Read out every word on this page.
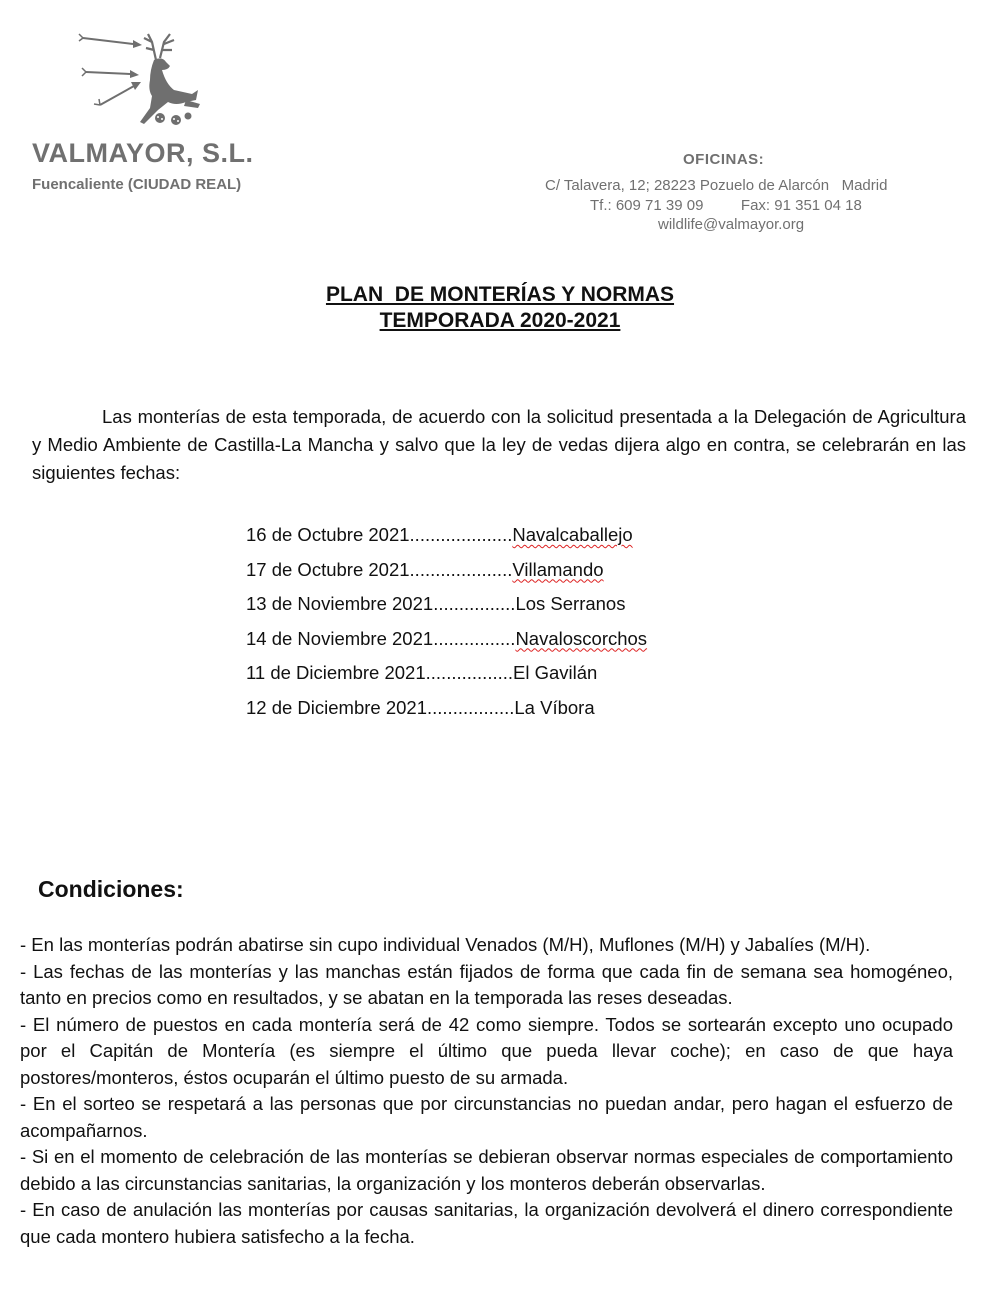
VALMAYOR, S.L.
Fuencaliente (CIUDAD REAL)
OFICINAS:
C/ Talavera, 12; 28223 Pozuelo de Alarcón   Madrid
Tf.: 609 71 39 09         Fax: 91 351 04 18
wildlife@valmayor.org
PLAN  DE MONTERÍAS Y NORMAS
TEMPORADA 2020-2021

Las monterías de esta temporada, de acuerdo con la solicitud presentada a la Delegación de Agricultura y Medio Ambiente de Castilla-La Mancha y salvo que la ley de vedas dijera algo en contra, se celebrarán en las siguientes fechas:

16 de Octubre 2021....................Navalcaballejo
17 de Octubre 2021....................Villamando
13 de Noviembre 2021................Los Serranos
14 de Noviembre 2021................Navaloscorchos
11 de Diciembre 2021.................El Gavilán
12 de Diciembre 2021.................La Víbora
Condiciones:

- En las monterías podrán abatirse sin cupo individual Venados (M/H), Muflones (M/H) y Jabalíes (M/H).

- Las fechas de las monterías y las manchas están fijados de forma que cada fin de semana sea homogéneo, tanto en precios como en resultados, y se abatan en la temporada las reses deseadas.

- El número de puestos en cada montería será de 42 como siempre. Todos se sortearán excepto uno ocupado por el Capitán de Montería (es siempre el último que pueda llevar coche); en caso de que haya postores/monteros, éstos ocuparán el último puesto de su armada.

- En el sorteo se respetará a las personas que por circunstancias no puedan andar, pero hagan el esfuerzo de acompañarnos.

- Si en el momento de celebración de las monterías se debieran observar normas especiales de comportamiento debido a las circunstancias sanitarias, la organización y los monteros deberán observarlas.

- En caso de anulación las monterías por causas sanitarias, la organización devolverá el dinero correspondiente que cada montero hubiera satisfecho a la fecha.
